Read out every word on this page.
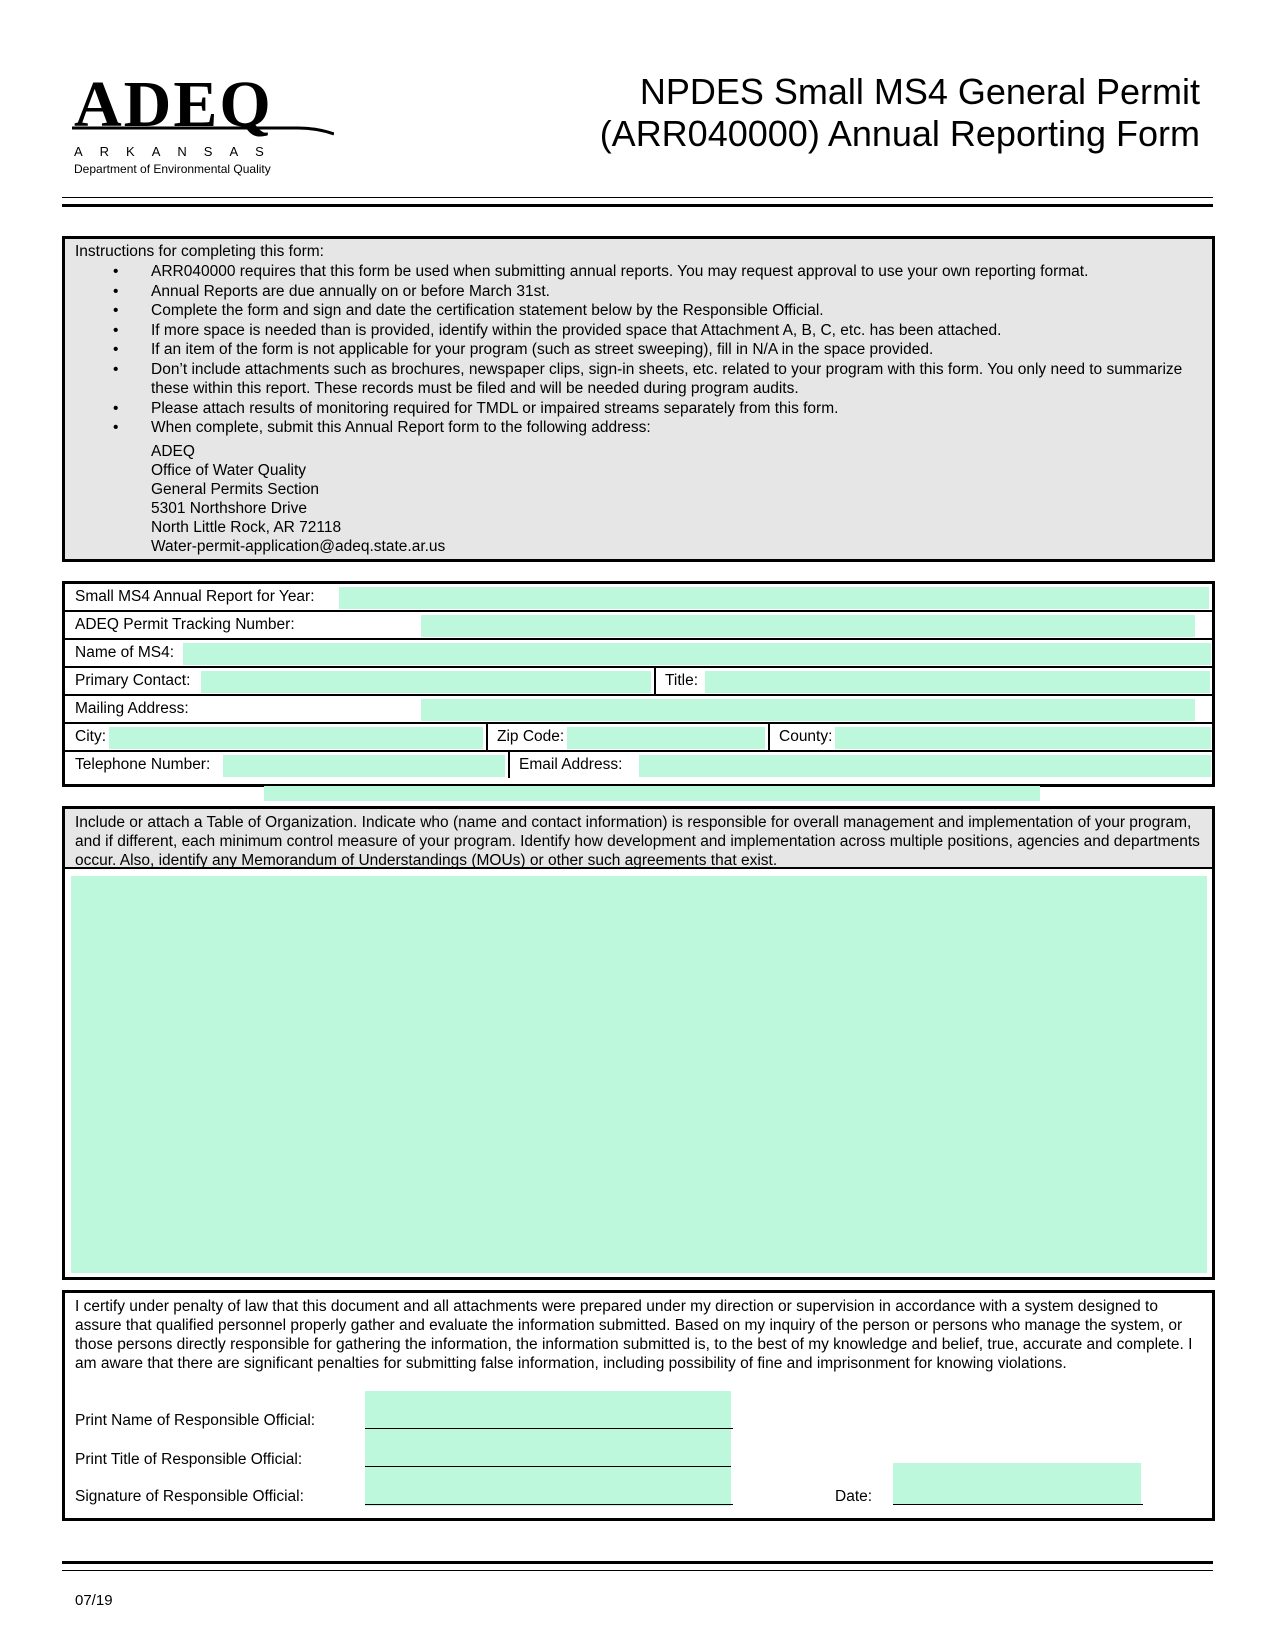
ADEQ
ARKANSAS
Department of Environmental Quality
NPDES Small MS4 General Permit
(ARR040000) Annual Reporting Form
Instructions for completing this form:
• ARR040000 requires that this form be used when submitting annual reports. You may request approval to use your own reporting format.
• Annual Reports are due annually on or before March 31st.
• Complete the form and sign and date the certification statement below by the Responsible Official.
• If more space is needed than is provided, identify within the provided space that Attachment A, B, C, etc. has been attached.
• If an item of the form is not applicable for your program (such as street sweeping), fill in N/A in the space provided.
• Don’t include attachments such as brochures, newspaper clips, sign-in sheets, etc. related to your program with this form. You only need to summarize these within this report. These records must be filed and will be needed during program audits.
• Please attach results of monitoring required for TMDL or impaired streams separately from this form.
• When complete, submit this Annual Report form to the following address:
ADEQ
Office of Water Quality
General Permits Section
5301 Northshore Drive
North Little Rock, AR 72118
Water-permit-application@adeq.state.ar.us
Small MS4 Annual Report for Year:
ADEQ Permit Tracking Number:
Name of MS4:
Primary Contact:	Title:
Mailing Address:
City:	Zip Code:	County:
Telephone Number:	Email Address:
Include or attach a Table of Organization. Indicate who (name and contact information) is responsible for overall management and implementation of your program, and if different, each minimum control measure of your program. Identify how development and implementation across multiple positions, agencies and departments occur. Also, identify any Memorandum of Understandings (MOUs) or other such agreements that exist.
I certify under penalty of law that this document and all attachments were prepared under my direction or supervision in accordance with a system designed to assure that qualified personnel properly gather and evaluate the information submitted. Based on my inquiry of the person or persons who manage the system, or those persons directly responsible for gathering the information, the information submitted is, to the best of my knowledge and belief, true, accurate and complete. I am aware that there are significant penalties for submitting false information, including possibility of fine and imprisonment for knowing violations.
Print Name of Responsible Official:
Print Title of Responsible Official:
Signature of Responsible Official:	Date:
07/19
